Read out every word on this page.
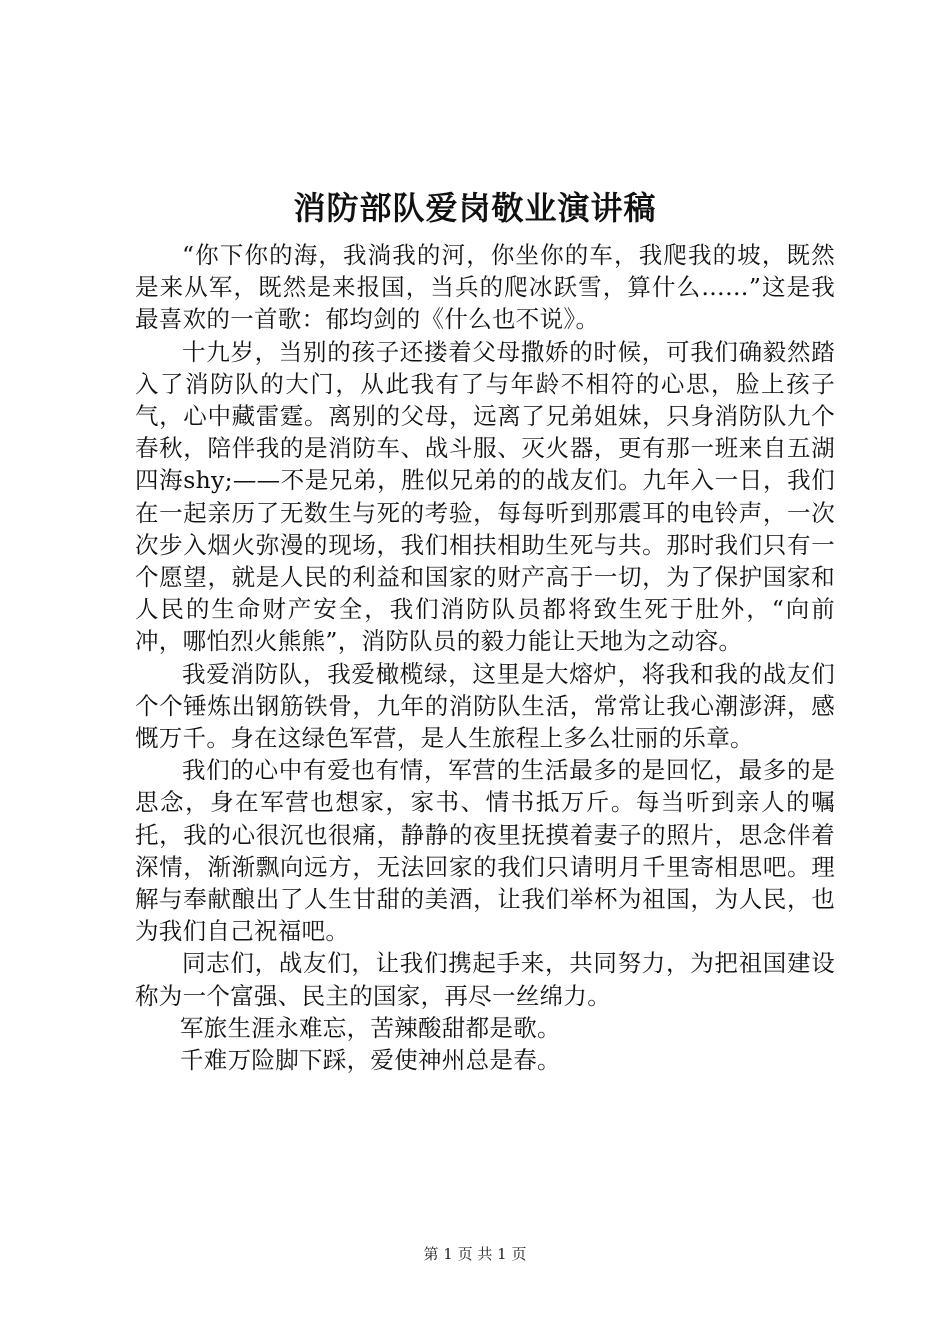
消防部队爱岗敬业演讲稿

“你下你的海，我淌我的河，你坐你的车，我爬我的坡，既然是来从军，既然是来报国，当兵的爬冰跃雪，算什么……”这是我最喜欢的一首歌：郁均剑的《什么也不说》。

十九岁，当别的孩子还搂着父母撒娇的时候，可我们确毅然踏入了消防队的大门，从此我有了与年龄不相符的心思，脸上孩子气，心中藏雷霆。离别的父母，远离了兄弟姐妹，只身消防队九个春秋，陪伴我的是消防车、战斗服、灭火器，更有那一班来自五湖四海shy;——不是兄弟，胜似兄弟的的战友们。九年入一日，我们在一起亲历了无数生与死的考验，每每听到那震耳的电铃声，一次次步入烟火弥漫的现场，我们相扶相助生死与共。那时我们只有一个愿望，就是人民的利益和国家的财产高于一切，为了保护国家和人民的生命财产安全，我们消防队员都将致生死于肚外，“向前冲，哪怕烈火熊熊”，消防队员的毅力能让天地为之动容。

我爱消防队，我爱橄榄绿，这里是大熔炉，将我和我的战友们个个锤炼出钢筋铁骨，九年的消防队生活，常常让我心潮澎湃，感慨万千。身在这绿色军营，是人生旅程上多么壮丽的乐章。

我们的心中有爱也有情，军营的生活最多的是回忆，最多的是思念，身在军营也想家，家书、情书抵万斤。每当听到亲人的嘱托，我的心很沉也很痛，静静的夜里抚摸着妻子的照片，思念伴着深情，渐渐飘向远方，无法回家的我们只请明月千里寄相思吧。理解与奉献酿出了人生甘甜的美酒，让我们举杯为祖国，为人民，也为我们自己祝福吧。

同志们，战友们，让我们携起手来，共同努力，为把祖国建设称为一个富强、民主的国家，再尽一丝绵力。

军旅生涯永难忘，苦辣酸甜都是歌。

千难万险脚下踩，爱使神州总是春。

第 1 页 共 1 页
